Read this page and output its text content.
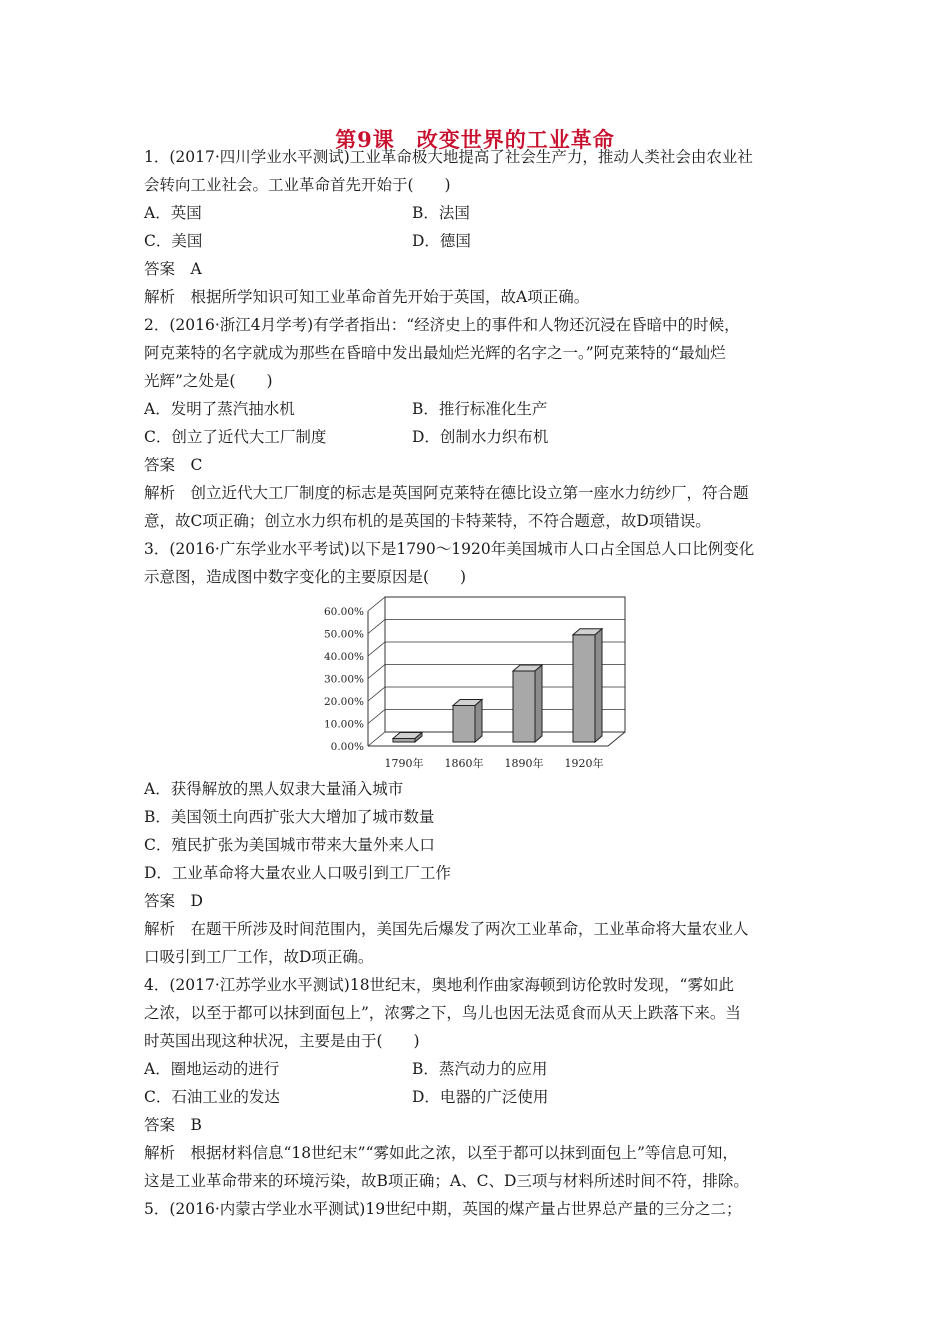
第9课　改变世界的工业革命
1．(2017·四川学业水平测试)工业革命极大地提高了社会生产力，推动人类社会由农业社
会转向工业社会。工业革命首先开始于(　　)
A．英国	B．法国
C．美国	D．德国
答案　A
解析　根据所学知识可知工业革命首先开始于英国，故A项正确。
2．(2016·浙江4月学考)有学者指出：“经济史上的事件和人物还沉浸在昏暗中的时候，
阿克莱特的名字就成为那些在昏暗中发出最灿烂光辉的名字之一。”阿克莱特的“最灿烂
光辉”之处是(　　)
A．发明了蒸汽抽水机	B．推行标准化生产
C．创立了近代大工厂制度	D．创制水力织布机
答案　C
解析　创立近代大工厂制度的标志是英国阿克莱特在德比设立第一座水力纺纱厂，符合题
意，故C项正确；创立水力织布机的是英国的卡特莱特，不符合题意，故D项错误。
3．(2016·广东学业水平考试)以下是1790～1920年美国城市人口占全国总人口比例变化
示意图，造成图中数字变化的主要原因是(　　)
0.00%
10.00%
20.00%
30.00%
40.00%
50.00%
60.00%
1790年 1860年 1890年 1920年
A．获得解放的黑人奴隶大量涌入城市
B．美国领土向西扩张大大增加了城市数量
C．殖民扩张为美国城市带来大量外来人口
D．工业革命将大量农业人口吸引到工厂工作
答案　D
解析　在题干所涉及时间范围内，美国先后爆发了两次工业革命，工业革命将大量农业人
口吸引到工厂工作，故D项正确。
4．(2017·江苏学业水平测试)18世纪末，奥地利作曲家海顿到访伦敦时发现，“雾如此
之浓，以至于都可以抹到面包上”，浓雾之下，鸟儿也因无法觅食而从天上跌落下来。当
时英国出现这种状况，主要是由于(　　)
A．圈地运动的进行	B．蒸汽动力的应用
C．石油工业的发达	D．电器的广泛使用
答案　B
解析　根据材料信息“18世纪末”“雾如此之浓，以至于都可以抹到面包上”等信息可知，
这是工业革命带来的环境污染，故B项正确；A、C、D三项与材料所述时间不符，排除。
5．(2016·内蒙古学业水平测试)19世纪中期，英国的煤产量占世界总产量的三分之二；
